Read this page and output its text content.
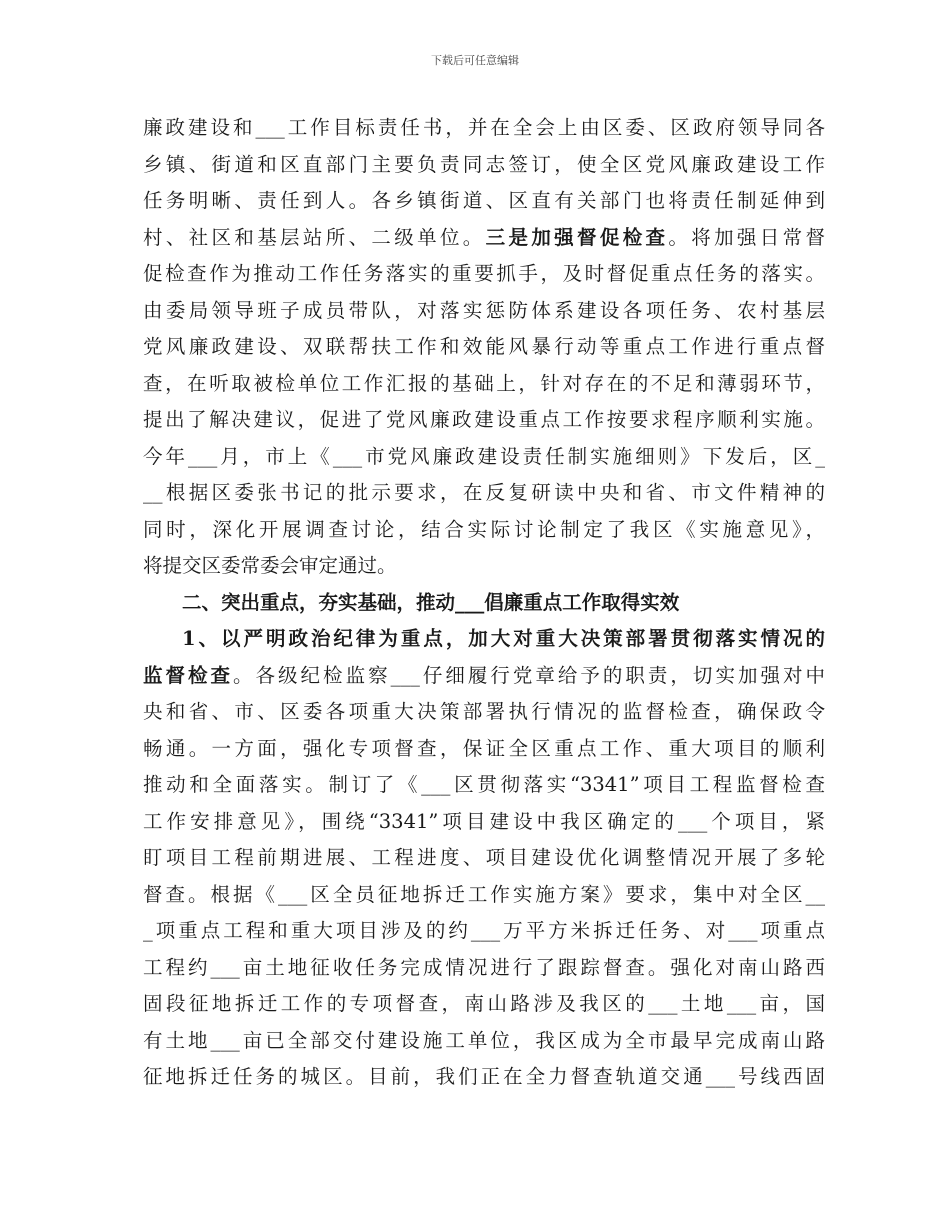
下载后可任意编辑
廉政建设和___工作目标责任书，并在全会上由区委、区政府领导同各
乡镇、街道和区直部门主要负责同志签订，使全区党风廉政建设工作
任务明晰、责任到人。各乡镇街道、区直有关部门也将责任制延伸到
村、社区和基层站所、二级单位。三是加强督促检查。将加强日常督
促检查作为推动工作任务落实的重要抓手，及时督促重点任务的落实。
由委局领导班子成员带队，对落实惩防体系建设各项任务、农村基层
党风廉政建设、双联帮扶工作和效能风暴行动等重点工作进行重点督
查，在听取被检单位工作汇报的基础上，针对存在的不足和薄弱环节，
提出了解决建议，促进了党风廉政建设重点工作按要求程序顺利实施。
今年___月，市上《___市党风廉政建设责任制实施细则》下发后，区_
__根据区委张书记的批示要求，在反复研读中央和省、市文件精神的
同时，深化开展调查讨论，结合实际讨论制定了我区《实施意见》，
将提交区委常委会审定通过。
二、突出重点，夯实基础，推动___倡廉重点工作取得实效
1、以严明政治纪律为重点，加大对重大决策部署贯彻落实情况的
监督检查。各级纪检监察___仔细履行党章给予的职责，切实加强对中
央和省、市、区委各项重大决策部署执行情况的监督检查，确保政令
畅通。一方面，强化专项督查，保证全区重点工作、重大项目的顺利
推动和全面落实。制订了《___区贯彻落实“3341”项目工程监督检查
工作安排意见》，围绕“3341”项目建设中我区确定的___个项目，紧
盯项目工程前期进展、工程进度、项目建设优化调整情况开展了多轮
督查。根据《___区全员征地拆迁工作实施方案》要求，集中对全区__
_项重点工程和重大项目涉及的约___万平方米拆迁任务、对___项重点
工程约___亩土地征收任务完成情况进行了跟踪督查。强化对南山路西
固段征地拆迁工作的专项督查，南山路涉及我区的___土地___亩，国
有土地___亩已全部交付建设施工单位，我区成为全市最早完成南山路
征地拆迁任务的城区。目前，我们正在全力督查轨道交通___号线西固
